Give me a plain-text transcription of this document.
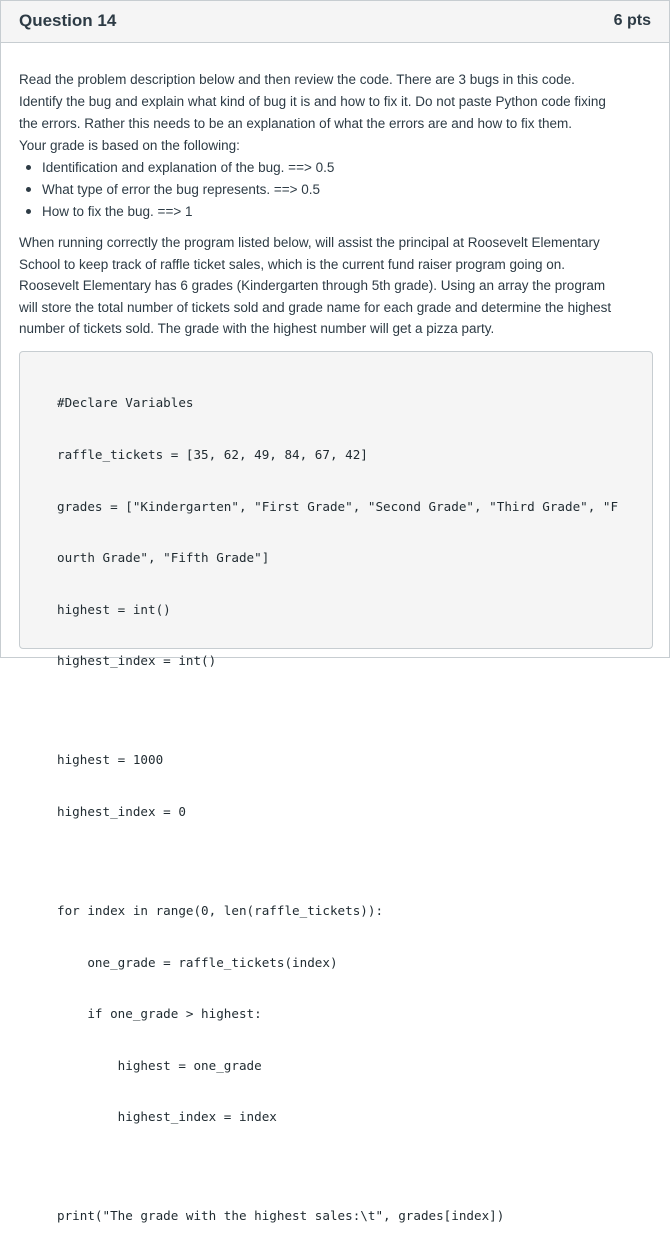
Question 14	6 pts

Read the problem description below and then review the code. There are 3 bugs in this code.

Identify the bug and explain what kind of bug it is and how to fix it. Do not paste Python code fixing

the errors. Rather this needs to be an explanation of what the errors are and how to fix them.

Your grade is based on the following:

Identification and explanation of the bug. ==> 0.5
What type of error the bug represents. ==> 0.5
How to fix the bug. ==> 1
When running correctly the program listed below, will assist the principal at Roosevelt Elementary
School to keep track of raffle ticket sales, which is the current fund raiser program going on.
Roosevelt Elementary has 6 grades (Kindergarten through 5th grade). Using an array the program
will store the total number of tickets sold and grade name for each grade and determine the highest
number of tickets sold. The grade with the highest number will get a pizza party.

#Declare Variables

raffle_tickets = [35, 62, 49, 84, 67, 42]

grades = ["Kindergarten", "First Grade", "Second Grade", "Third Grade", "F

ourth Grade", "Fifth Grade"]

highest = int()

highest_index = int()

highest = 1000

highest_index = 0

for index in range(0, len(raffle_tickets)):

one_grade = raffle_tickets(index)

if one_grade > highest:

highest = one_grade

highest_index = index

print("The grade with the highest sales:\t", grades[index])
